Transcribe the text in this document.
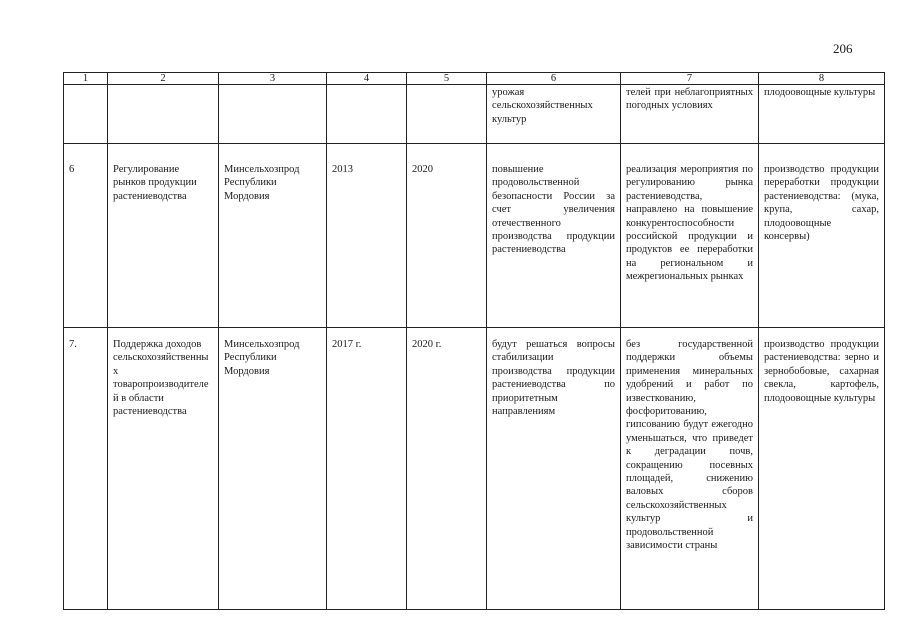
206
1	2	3	4	5	6	7	8
					урожая сельскохозяйственных культур	телей при неблагоприятных погодных условиях	плодоовощные культуры
6	Регулирование рынков продукции растениеводства	Минсельхозпрод Республики Мордовия	2013	2020	повышение продовольственной безопасности России за счет увеличения отечественного производства продукции растениеводства	реализация мероприятия по регулированию рынка растениеводства, направлено на повышение конкурентоспособности российской продукции и продуктов ее переработки на региональном и межрегиональных рынках	производство продукции переработки продукции растениеводства: (мука, крупа, сахар, плодоовощные консервы)
7.	Поддержка доходов сельскохозяйственных товаропроизводителей в области растениеводства	Минсельхозпрод Республики Мордовия	2017 г.	2020 г.	будут решаться вопросы стабилизации производства продукции растениеводства по приоритетным направлениям	без государственной поддержки объемы применения минеральных удобрений и работ по известкованию, фосфоритованию, гипсованию будут ежегодно уменьшаться, что приведет к деградации почв, сокращению посевных площадей, снижению валовых сборов сельскохозяйственных культур и продовольственной зависимости страны	производство продукции растениеводства: зерно и зернобобовые, сахарная свекла, картофель, плодоовощные культуры
